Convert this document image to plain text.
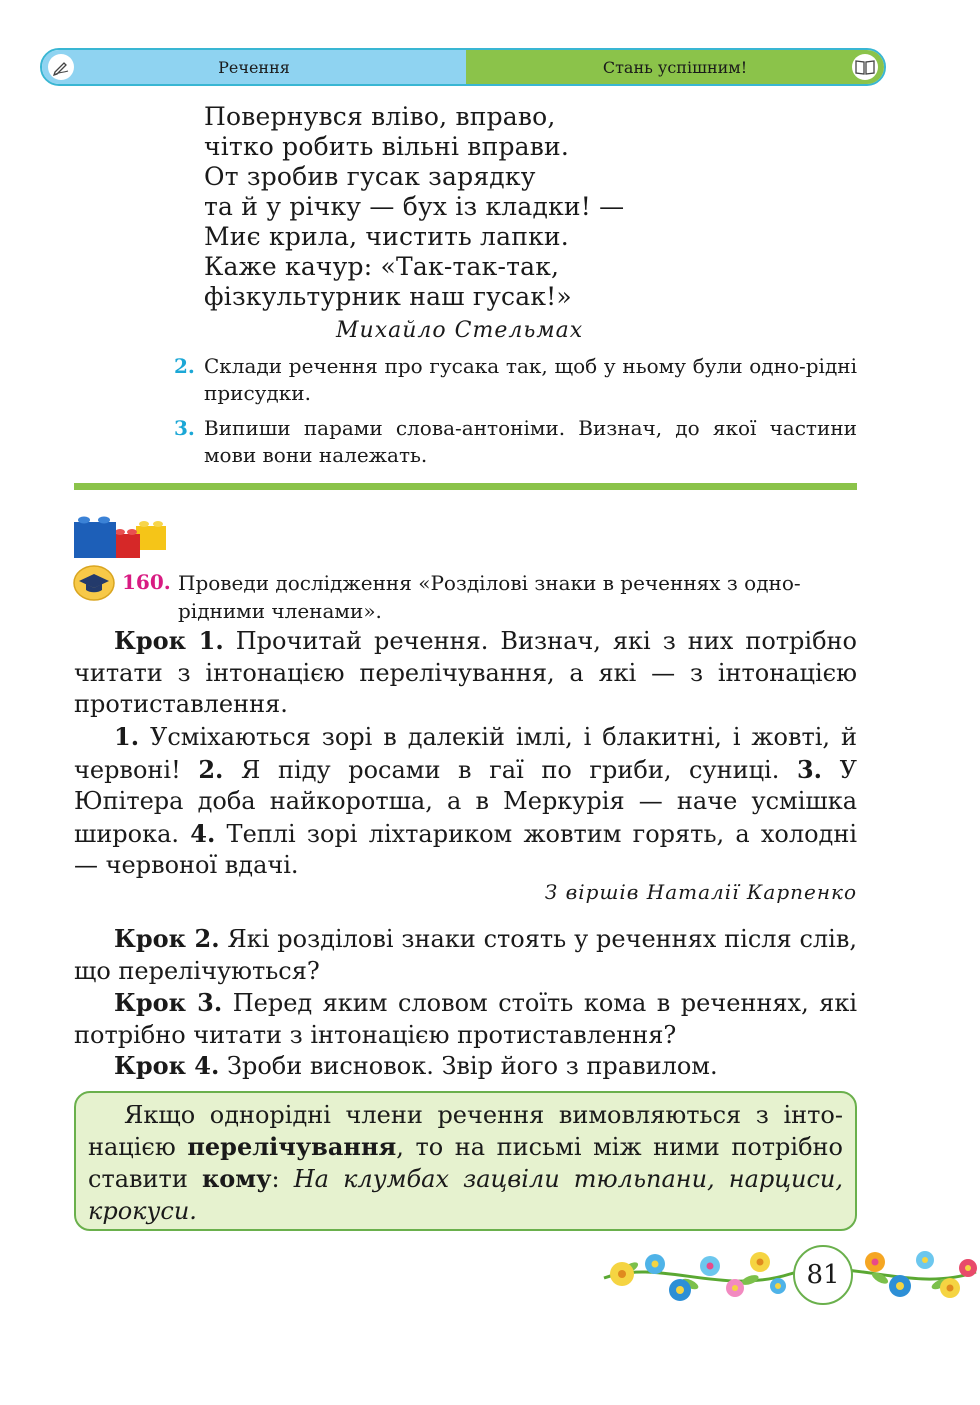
Речення	Стань успішним!
Повернувся вліво, вправо,
чітко робить вільні вправи.
От зробив гусак зарядку
та й у річку — бух із кладки! —
Миє крила, чистить лапки.
Каже качур: «Так-так-так,
фізкультурник наш гусак!»
Михайло Стельмах
2. Склади речення про гусака так, щоб у ньому були одно-рідні присудки.
3. Випиши парами слова-антоніми. Визнач, до якої частини мови вони належать.
160. Проведи дослідження «Розділові знаки в реченнях з одно-рідними членами».
Крок 1. Прочитай речення. Визнач, які з них потрібно читати з інтонацією перелічування, а які — з інтонацією протиставлення.
1. Усміхаються зорі в далекій імлі, і блакитні, і жовті, й червоні! 2. Я піду росами в гаї по гриби, суниці. 3. У Юпітера доба найкоротша, а в Меркурія — наче усмішка широка. 4. Теплі зорі ліхтариком жовтим горять, а холодні — червоної вдачі.
З віршів Наталії Карпенко
Крок 2. Які розділові знаки стоять у реченнях після слів, що перелічуються?
Крок 3. Перед яким словом стоїть кома в реченнях, які потрібно читати з інтонацією протиставлення?
Крок 4. Зроби висновок. Звір його з правилом.
Якщо однорідні члени речення вимовляються з інто-нацією перелічування, то на письмі між ними потрібно ставити кому: На клумбах зацвіли тюльпани, нарциси, крокуси.
81
